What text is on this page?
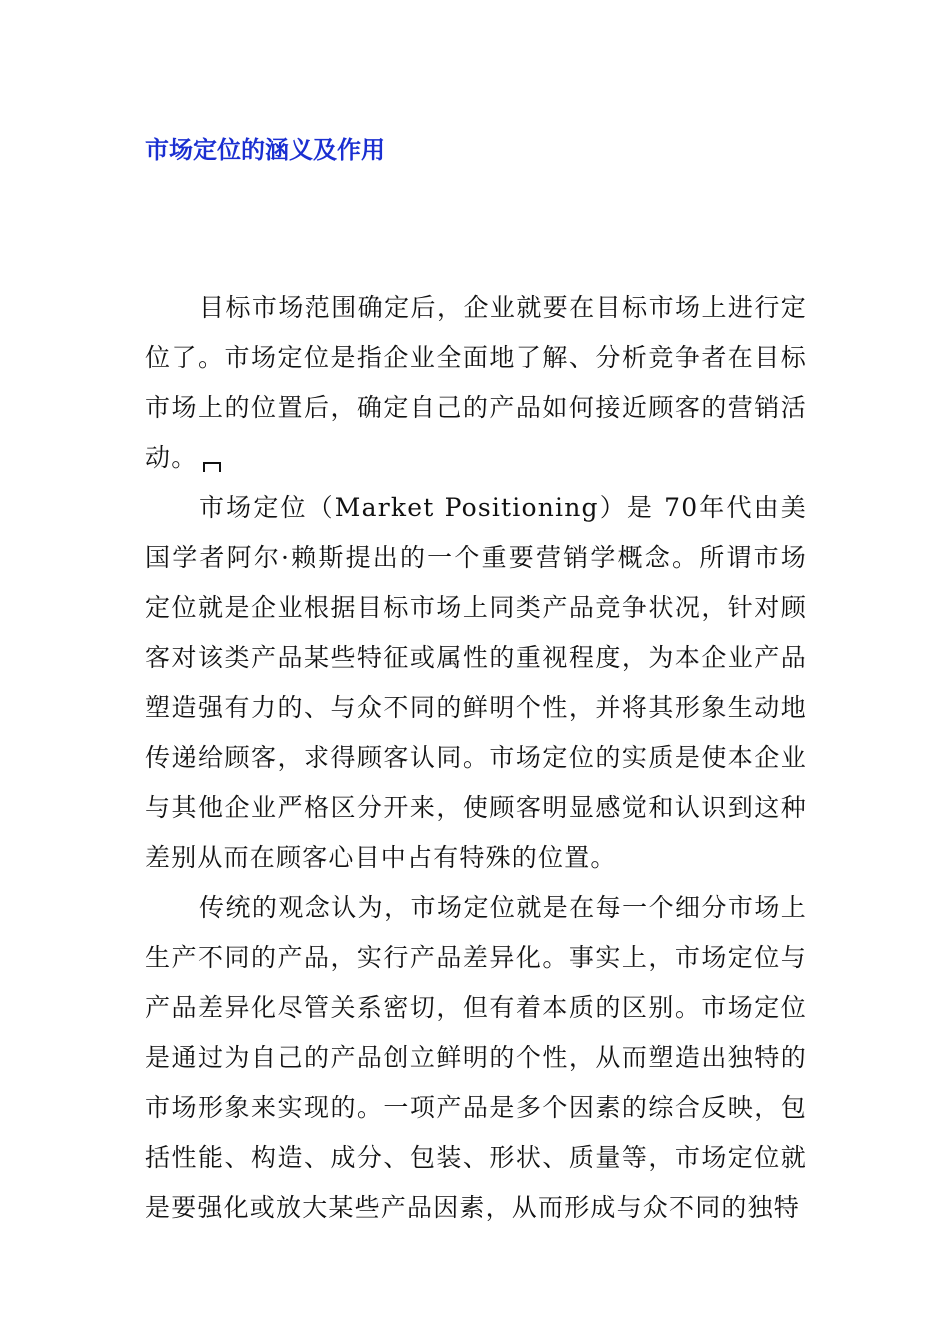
市场定位的涵义及作用

目标市场范围确定后，企业就要在目标市场上进行定位了。市场定位是指企业全面地了解、分析竞争者在目标市场上的位置后，确定自己的产品如何接近顾客的营销活动。

市场定位（Market Positioning）是 70年代由美国学者阿尔·赖斯提出的一个重要营销学概念。所谓市场定位就是企业根据目标市场上同类产品竞争状况，针对顾客对该类产品某些特征或属性的重视程度，为本企业产品塑造强有力的、与众不同的鲜明个性，并将其形象生动地传递给顾客，求得顾客认同。市场定位的实质是使本企业与其他企业严格区分开来，使顾客明显感觉和认识到这种差别从而在顾客心目中占有特殊的位置。

传统的观念认为，市场定位就是在每一个细分市场上生产不同的产品，实行产品差异化。事实上，市场定位与产品差异化尽管关系密切，但有着本质的区别。市场定位是通过为自己的产品创立鲜明的个性，从而塑造出独特的市场形象来实现的。一项产品是多个因素的综合反映，包括性能、构造、成分、包装、形状、质量等，市场定位就是要强化或放大某些产品因素，从而形成与众不同的独特
